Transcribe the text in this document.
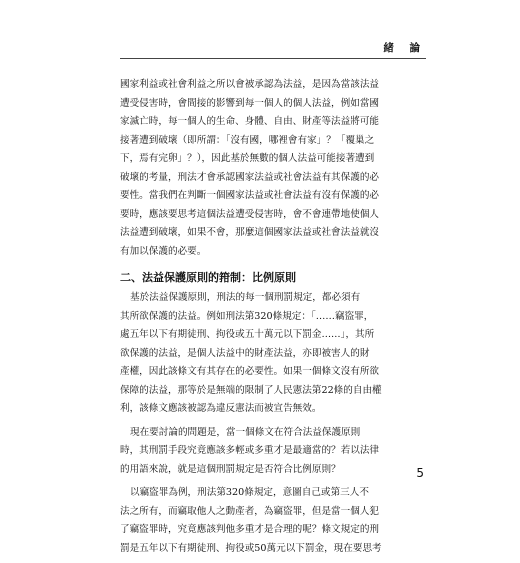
緒 論
國家利益或社會利益之所以會被承認為法益，是因為當該法益
遭受侵害時，會間接的影響到每一個人的個人法益，例如當國
家滅亡時，每一個人的生命、身體、自由、財產等法益將可能
接著遭到破壞（即所謂：「沒有國，哪裡會有家」？「覆巢之
下，焉有完卵」？），因此基於無數的個人法益可能接著遭到
破壞的考量，刑法才會承認國家法益或社會法益有其保護的必
要性。當我們在判斷一個國家法益或社會法益有沒有保護的必
要時，應該要思考這個法益遭受侵害時，會不會連帶地使個人
法益遭到破壞，如果不會，那麼這個國家法益或社會法益就沒
有加以保護的必要。
二、法益保護原則的箝制：比例原則
基於法益保護原則，刑法的每一個刑罰規定，都必須有
其所欲保護的法益。例如刑法第320條規定：「……竊盜罪，
處五年以下有期徒刑、拘役或五十萬元以下罰金……」，其所
欲保護的法益，是個人法益中的財產法益，亦即被害人的財
產權，因此該條文有其存在的必要性。如果一個條文沒有所欲
保障的法益，那等於是無端的限制了人民憲法第22條的自由權
利，該條文應該被認為違反憲法而被宣告無效。
現在要討論的問題是，當一個條文在符合法益保護原則
時，其刑罰手段究竟應該多輕或多重才是最適當的？若以法律
的用語來說，就是這個刑罰規定是否符合比例原則？
以竊盜罪為例，刑法第320條規定，意圖自己或第三人不
法之所有，而竊取他人之動產者，為竊盜罪，但是當一個人犯
了竊盜罪時，究竟應該判他多重才是合理的呢？條文規定的刑
罰是五年以下有期徒刑、拘役或50萬元以下罰金，現在要思考
5
